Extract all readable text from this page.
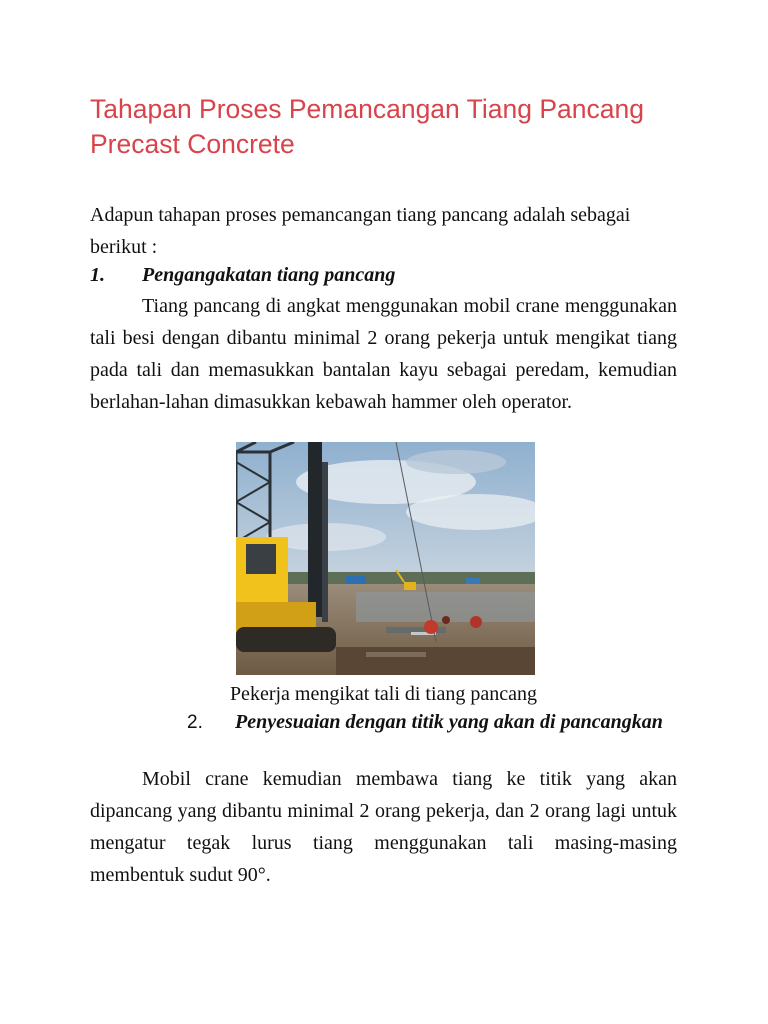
Tahapan Proses Pemancangan Tiang Pancang Precast Concrete

Adapun tahapan proses pemancangan tiang pancang adalah sebagai berikut :

1. Pengangakatan tiang pancang

Tiang pancang di angkat menggunakan mobil crane menggunakan tali besi dengan dibantu minimal 2 orang pekerja untuk mengikat tiang pada tali dan memasukkan bantalan kayu sebagai peredam, kemudian berlahan-lahan dimasukkan kebawah hammer oleh operator.

Pekerja mengikat tali di tiang pancang

2. Penyesuaian dengan titik yang akan di pancangkan

Mobil crane kemudian membawa tiang ke titik yang akan dipancang yang dibantu minimal 2 orang pekerja, dan 2 orang lagi untuk mengatur tegak lurus tiang menggunakan tali masing-masing membentuk sudut 90°.
